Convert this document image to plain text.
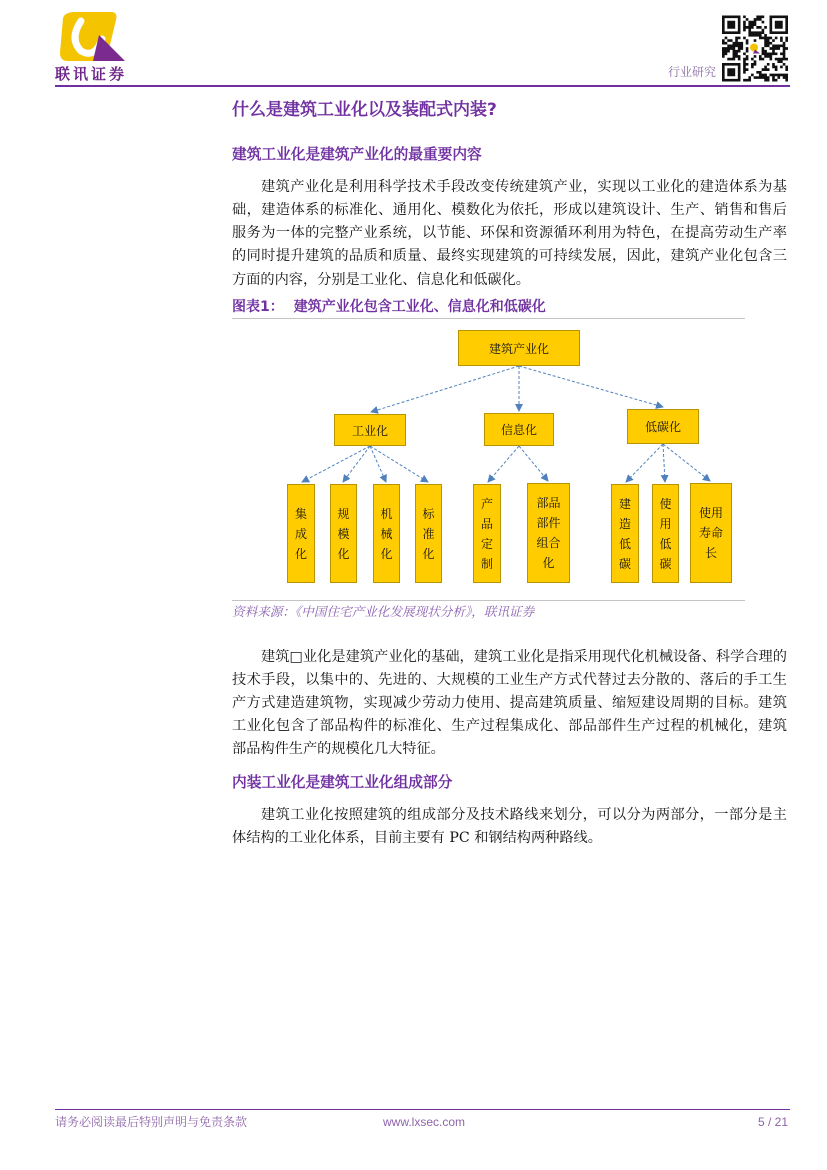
联讯证券	行业研究
什么是建筑工业化以及装配式内装?
建筑工业化是建筑产业化的最重要内容
建筑产业化是利用科学技术手段改变传统建筑产业，实现以工业化的建造体系为基
础，建造体系的标准化、通用化、模数化为依托，形成以建筑设计、生产、销售和售后
服务为一体的完整产业系统，以节能、环保和资源循环利用为特色，在提高劳动生产率
的同时提升建筑的品质和质量、最终实现建筑的可持续发展，因此，建筑产业化包含三
方面的内容，分别是工业化、信息化和低碳化。
图表1： 建筑产业化包含工业化、信息化和低碳化
建筑产业化
工业化	信息化	低碳化
集成化
规模化
机械化
标准化
产品定制
部品部件组合化
建造低碳
使用低碳
使用寿命长
资料来源：《中国住宅产业化发展现状分析》，联讯证券
建筑□业化是建筑产业化的基础，建筑工业化是指采用现代化机械设备、科学合理的
技术手段，以集中的、先进的、大规模的工业生产方式代替过去分散的、落后的手工生
产方式建造建筑物，实现减少劳动力使用、提高建筑质量、缩短建设周期的目标。建筑
工业化包含了部品构件的标准化、生产过程集成化、部品部件生产过程的机械化，建筑
部品构件生产的规模化几大特征。
内装工业化是建筑工业化组成部分
建筑工业化按照建筑的组成部分及技术路线来划分，可以分为两部分，一部分是主
体结构的工业化体系，目前主要有 PC 和钢结构两种路线。
请务必阅读最后特别声明与免责条款	www.lxsec.com	5 / 21
